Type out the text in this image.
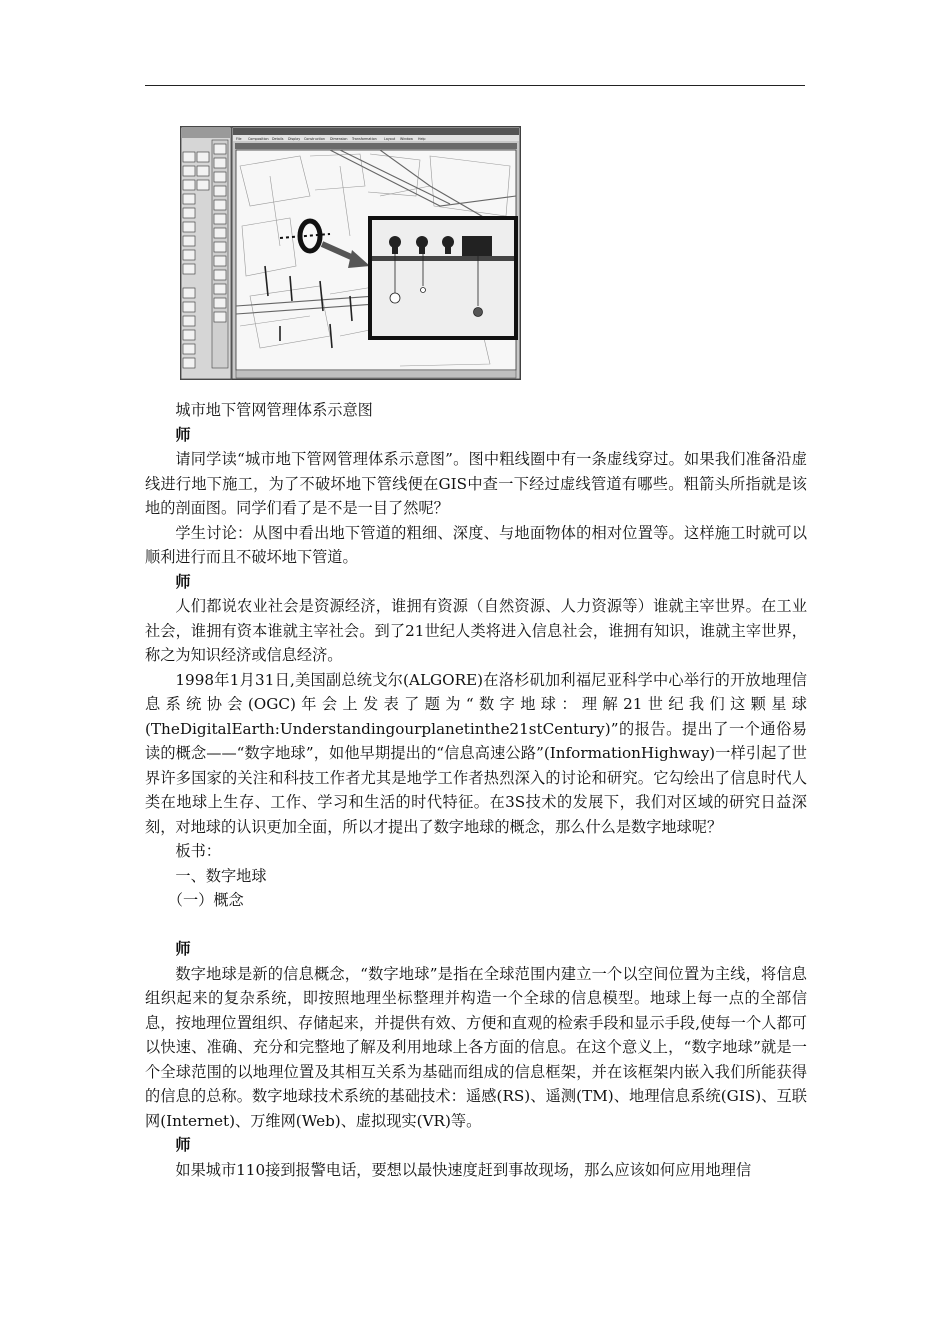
File Composition Details Display Construction Dimension	Transformation Layout Window Help

城市地下管网管理体系示意图

师

请同学读“城市地下管网管理体系示意图”。图中粗线圈中有一条虚线穿过。如果我们准备沿虚线进行地下施工，为了不破坏地下管线便在GIS中查一下经过虚线管道有哪些。粗箭头所指就是该地的剖面图。同学们看了是不是一目了然呢？

学生讨论：从图中看出地下管道的粗细、深度、与地面物体的相对位置等。这样施工时就可以顺利进行而且不破坏地下管道。

师

人们都说农业社会是资源经济，谁拥有资源（自然资源、人力资源等）谁就主宰世界。在工业社会，谁拥有资本谁就主宰社会。到了21世纪人类将进入信息社会，谁拥有知识，谁就主宰世界，称之为知识经济或信息经济。

1998年1月31日,美国副总统戈尔(ALGORE)在洛杉矶加利福尼亚科学中心举行的开放地理信息系统协会(OGC)年会上发表了题为“数字地球：理解21世纪我们这颗星球(TheDigitalEarth:Understandingourplanetinthe21stCentury)”的报告。提出了一个通俗易读的概念——“数字地球”，如他早期提出的“信息高速公路”(InformationHighway)一样引起了世界许多国家的关注和科技工作者尤其是地学工作者热烈深入的讨论和研究。它勾绘出了信息时代人类在地球上生存、工作、学习和生活的时代特征。在3S技术的发展下，我们对区域的研究日益深刻，对地球的认识更加全面，所以才提出了数字地球的概念，那么什么是数字地球呢？

板书：

一、数字地球

（一）概念

师

数字地球是新的信息概念，“数字地球”是指在全球范围内建立一个以空间位置为主线，将信息组织起来的复杂系统，即按照地理坐标整理并构造一个全球的信息模型。地球上每一点的全部信息，按地理位置组织、存储起来，并提供有效、方便和直观的检索手段和显示手段,使每一个人都可以快速、准确、充分和完整地了解及利用地球上各方面的信息。在这个意义上，“数字地球”就是一个全球范围的以地理位置及其相互关系为基础而组成的信息框架，并在该框架内嵌入我们所能获得的信息的总称。数字地球技术系统的基础技术：遥感(RS)、遥测(TM)、地理信息系统(GIS)、互联网(Internet)、万维网(Web)、虚拟现实(VR)等。

师

如果城市110接到报警电话，要想以最快速度赶到事故现场，那么应该如何应用地理信
